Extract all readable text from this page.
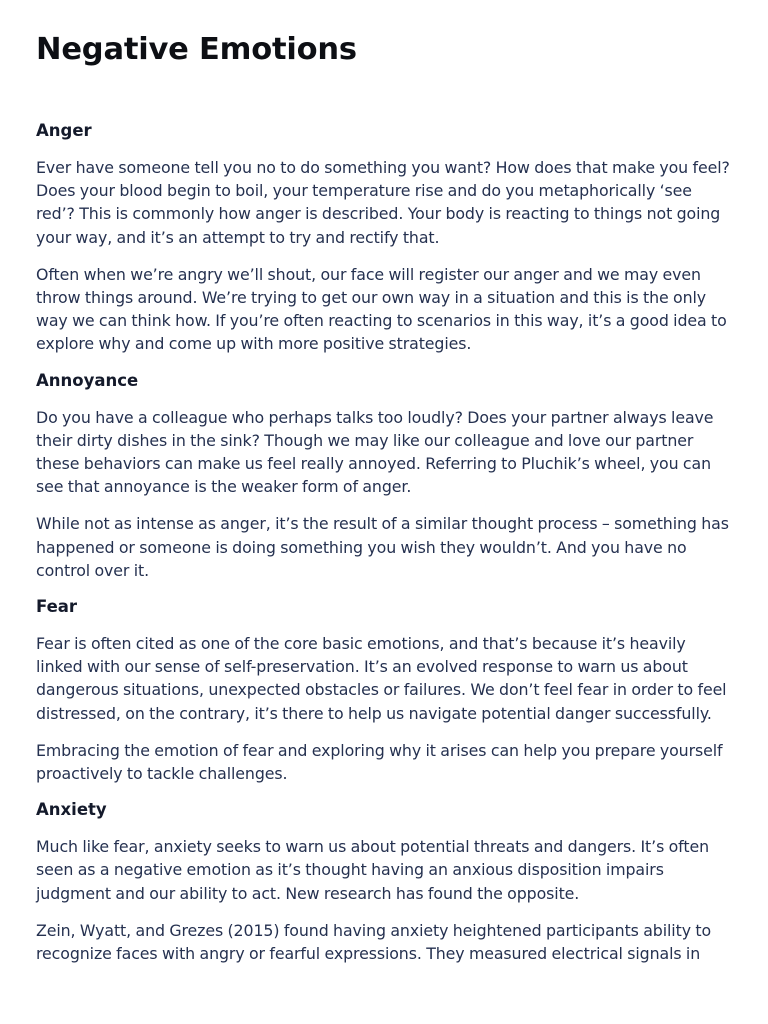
Negative Emotions
Anger

Ever have someone tell you no to do something you want? How does that make you feel? Does your blood begin to boil, your temperature rise and do you metaphorically ‘see red’? This is commonly how anger is described. Your body is reacting to things not going your way, and it’s an attempt to try and rectify that.

Often when we’re angry we’ll shout, our face will register our anger and we may even throw things around. We’re trying to get our own way in a situation and this is the only way we can think how. If you’re often reacting to scenarios in this way, it’s a good idea to explore why and come up with more positive strategies.

Annoyance

Do you have a colleague who perhaps talks too loudly? Does your partner always leave their dirty dishes in the sink? Though we may like our colleague and love our partner these behaviors can make us feel really annoyed. Referring to Pluchik’s wheel, you can see that annoyance is the weaker form of anger.

While not as intense as anger, it’s the result of a similar thought process – something has happened or someone is doing something you wish they wouldn’t. And you have no control over it.

Fear

Fear is often cited as one of the core basic emotions, and that’s because it’s heavily linked with our sense of self-preservation. It’s an evolved response to warn us about dangerous situations, unexpected obstacles or failures. We don’t feel fear in order to feel distressed, on the contrary, it’s there to help us navigate potential danger successfully.

Embracing the emotion of fear and exploring why it arises can help you prepare yourself proactively to tackle challenges.

Anxiety

Much like fear, anxiety seeks to warn us about potential threats and dangers. It’s often seen as a negative emotion as it’s thought having an anxious disposition impairs judgment and our ability to act. New research has found the opposite.

Zein, Wyatt, and Grezes (2015) found having anxiety heightened participants ability to recognize faces with angry or fearful expressions. They measured electrical signals in
